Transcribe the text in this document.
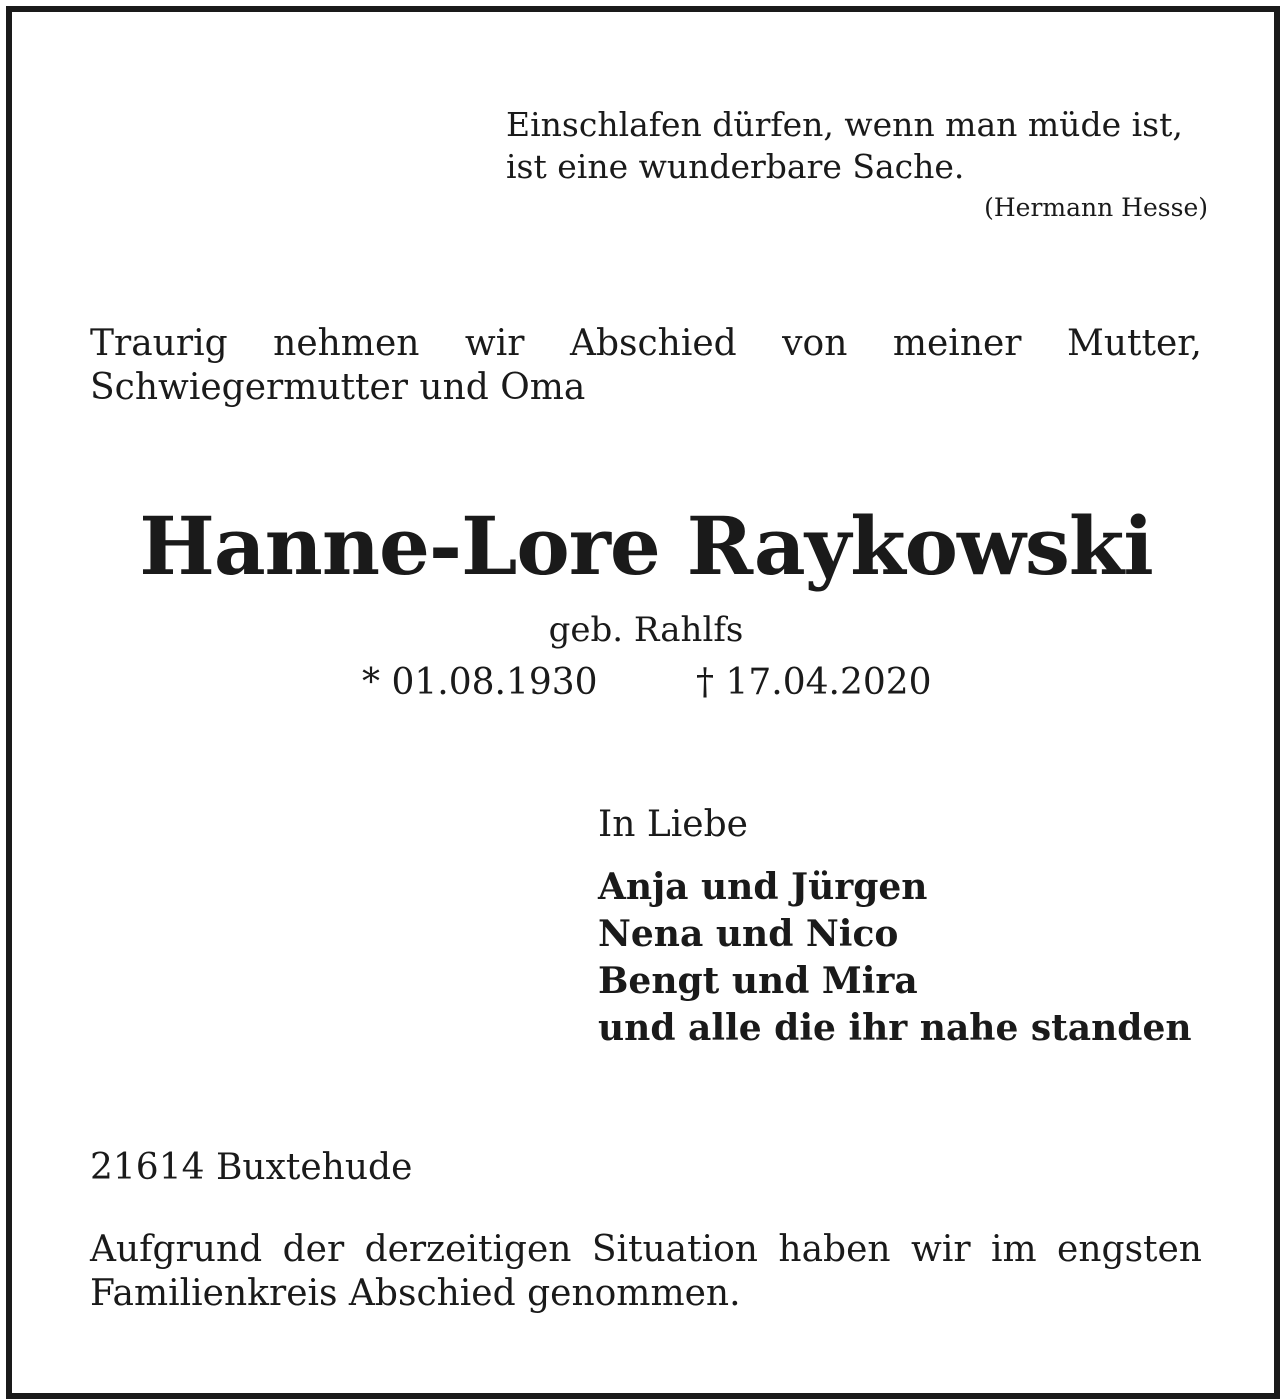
Einschlafen dürfen, wenn man müde ist,
ist eine wunderbare Sache.
(Hermann Hesse)
Traurig nehmen wir Abschied von meiner Mutter, Schwiegermutter und Oma
Hanne-Lore Raykowski
geb. Rahlfs
* 01.08.1930	† 17.04.2020
In Liebe
Anja und Jürgen
Nena und Nico
Bengt und Mira
und alle die ihr nahe standen
21614 Buxtehude
Aufgrund der derzeitigen Situation haben wir im engsten Familienkreis Abschied genommen.
